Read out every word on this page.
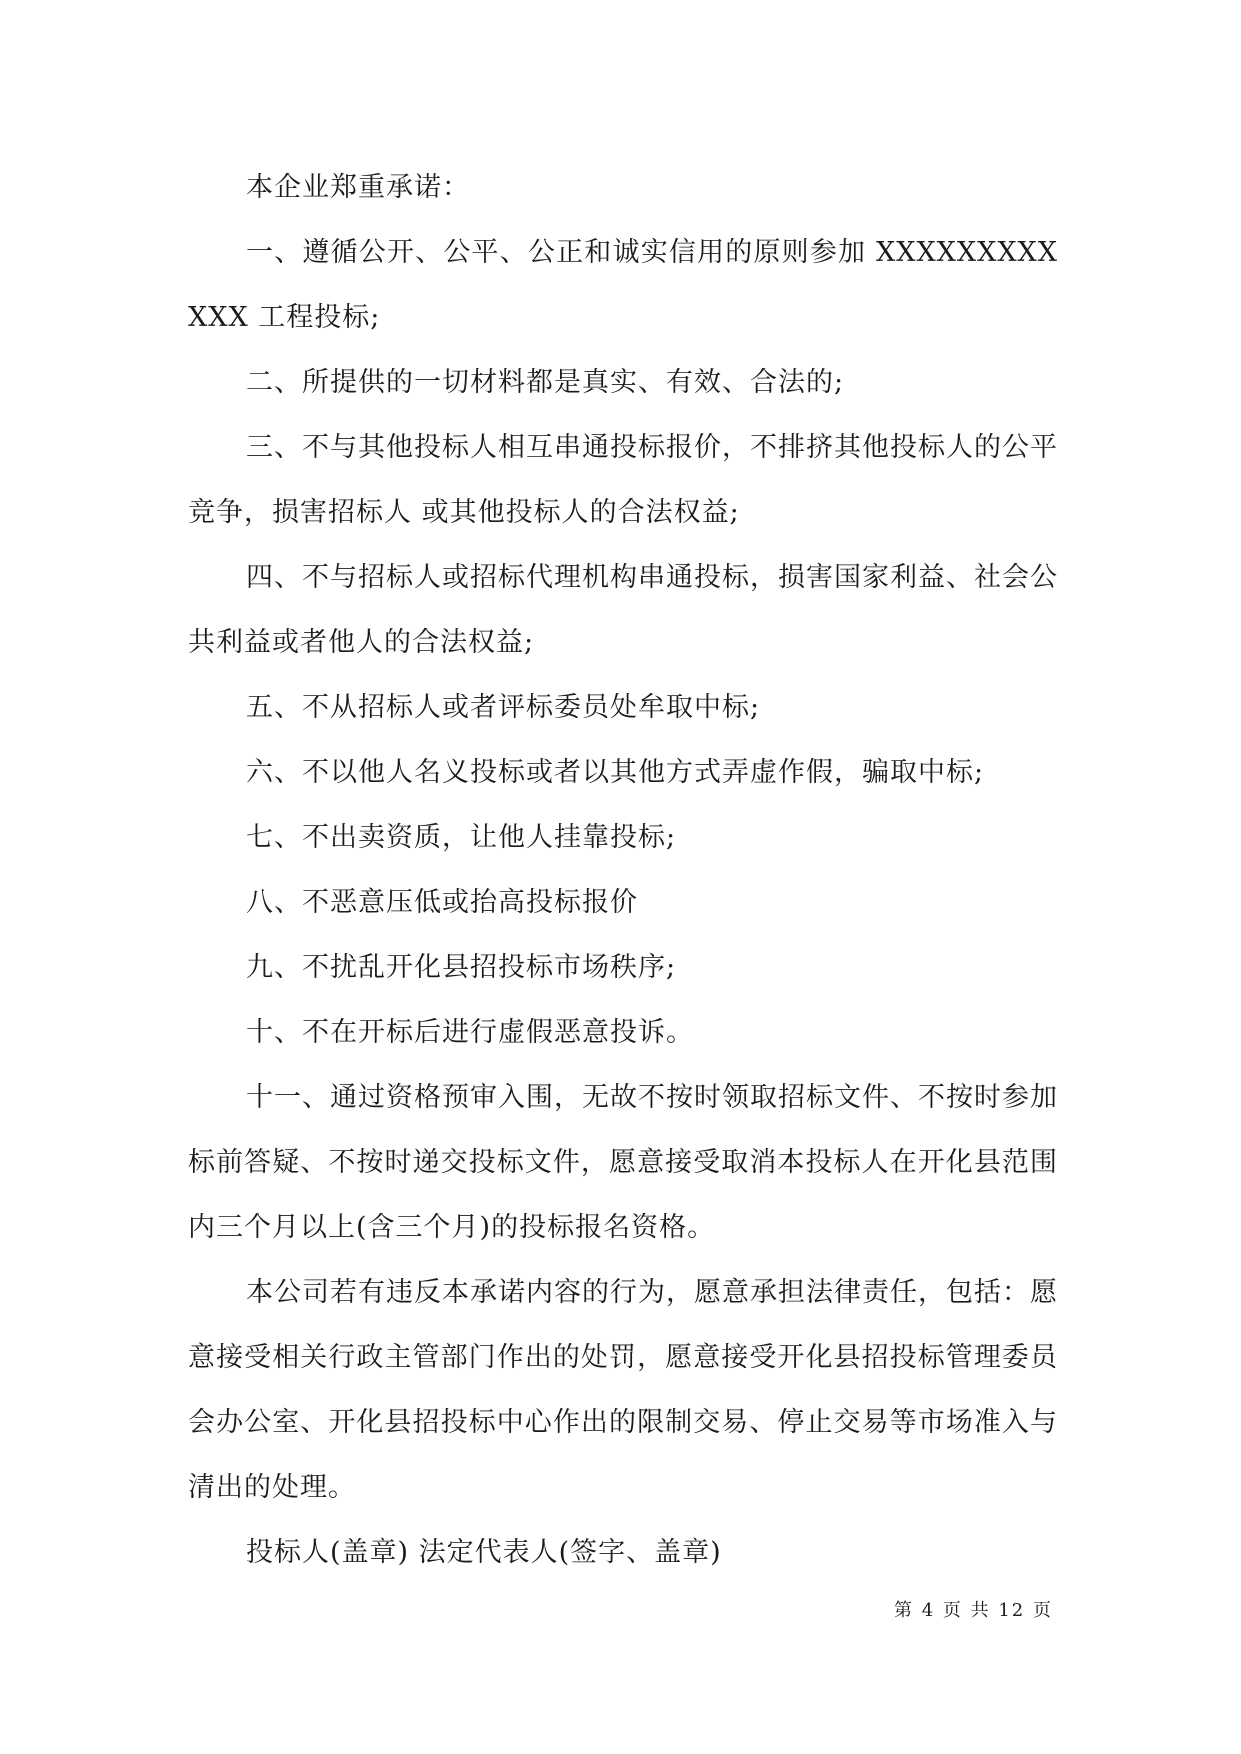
本企业郑重承诺：

一、遵循公开、公平、公正和诚实信用的原则参加 XXXXXXXXXXXX 工程投标;

二、所提供的一切材料都是真实、有效、合法的;

三、不与其他投标人相互串通投标报价，不排挤其他投标人的公平竞争，损害招标人 或其他投标人的合法权益;

四、不与招标人或招标代理机构串通投标，损害国家利益、社会公共利益或者他人的合法权益;

五、不从招标人或者评标委员处牟取中标;

六、不以他人名义投标或者以其他方式弄虚作假，骗取中标;

七、不出卖资质，让他人挂靠投标;

八、不恶意压低或抬高投标报价

九、不扰乱开化县招投标市场秩序;

十、不在开标后进行虚假恶意投诉。

十一、通过资格预审入围，无故不按时领取招标文件、不按时参加标前答疑、不按时递交投标文件，愿意接受取消本投标人在开化县范围内三个月以上(含三个月)的投标报名资格。

本公司若有违反本承诺内容的行为，愿意承担法律责任，包括：愿意接受相关行政主管部门作出的处罚，愿意接受开化县招投标管理委员会办公室、开化县招投标中心作出的限制交易、停止交易等市场准入与清出的处理。

投标人(盖章) 法定代表人(签字、盖章)

第 4 页 共 12 页
